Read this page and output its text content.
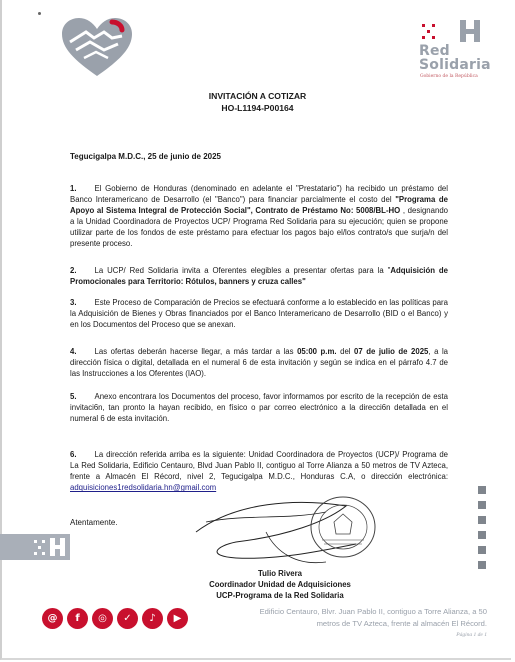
Red
Solidaria
Gobierno de la República
INVITACIÓN A COTIZAR
HO-L1194-P00164
Tegucigalpa M.D.C., 25 de junio de 2025
1. El Gobierno de Honduras (denominado en adelante el "Prestatario") ha recibido un préstamo del Banco Interamericano de Desarrollo (el "Banco") para financiar parcialmente el costo del "Programa de Apoyo al Sistema Integral de Protección Social", Contrato de Préstamo No: 5008/BL-HO , designando a la Unidad Coordinadora de Proyectos UCP/ Programa Red Solidaria para su ejecución; quien se propone utilizar parte de los fondos de este préstamo para efectuar los pagos bajo el/los contrato/s que surja/n del presente proceso.
2. La UCP/ Red Solidaria invita a Oferentes elegibles a presentar ofertas para la "Adquisición de Promocionales para Territorio: Rótulos, banners y cruza calles"
3. Este Proceso de Comparación de Precios se efectuará conforme a lo establecido en las políticas para la Adquisición de Bienes y Obras financiados por el Banco Interamericano de Desarrollo (BID o el Banco) y en los Documentos del Proceso que se anexan.
4. Las ofertas deberán hacerse llegar, a más tardar a las 05:00 p.m. del 07 de julio de 2025, a la dirección física o digital, detallada en el numeral 6 de esta invitación y según se indica en el párrafo 4.7 de las Instrucciones a los Oferentes (IAO).
5. Anexo encontrara los Documentos del proceso, favor informamos por escrito de la recepción de esta invitaci6n, tan pronto la hayan recibido, en físico o par correo electrónico a la direcci6n detallada en el numeral 6 de esta invitación.
6. La dirección referida arriba es la siguiente: Unidad Coordinadora de Proyectos (UCP)/ Programa de La Red Solidaria, Edificio Centauro, Blvd Juan Pablo II, contiguo al Torre Alianza a 50 metros de TV Azteca, frente a Almacén El Récord, nivel 2, Tegucigalpa M.D.C., Honduras C.A, o dirección electrónica: adquisiciones1redsolidaria.hn@gmail.com
Atentamente.
Tulio Rivera
Coordinador Unidad de Adquisiciones
UCP-Programa de la Red Solidaria
@	f	◎	✓	♪	▶
Edificio Centauro, Blvr. Juan Pablo II, contiguo a Torre Alianza, a 50
metros de TV Azteca, frente al almacén El Récord.
Página 1 de 1
